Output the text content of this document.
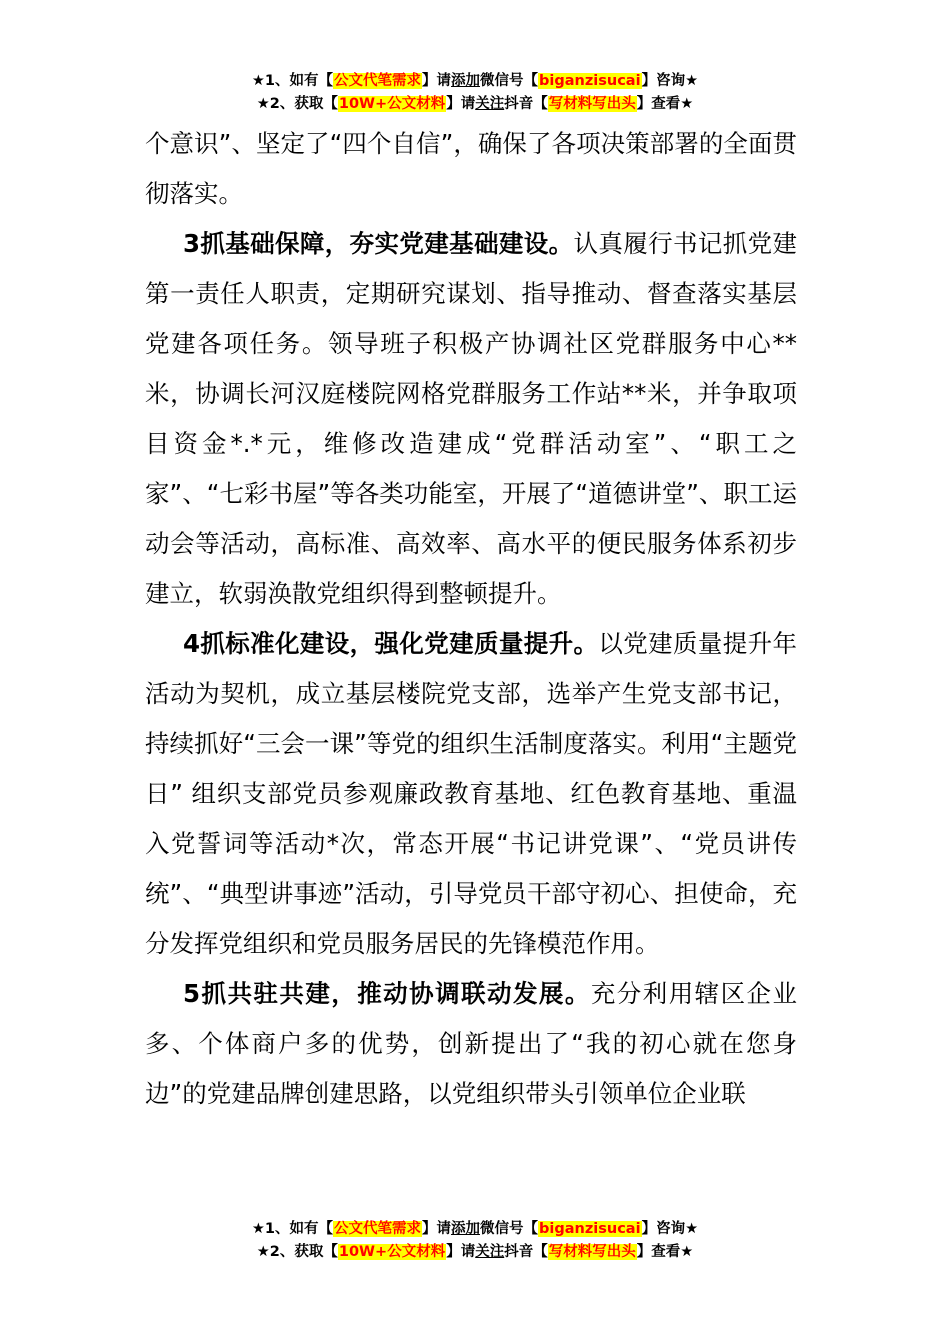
★1、如有【公文代笔需求】请添加微信号【biganzisucai】咨询★
★2、获取【10W+公文材料】请关注抖音【写材料写出头】查看★

个意识”、坚定了“四个自信”，确保了各项决策部署的全面贯彻落实。

3抓基础保障，夯实党建基础建设。认真履行书记抓党建第一责任人职责，定期研究谋划、指导推动、督查落实基层党建各项任务。领导班子积极产协调社区党群服务中心**米，协调长河汉庭楼院网格党群服务工作站**米，并争取项目资金*.*元，维修改造建成“党群活动室”、“职工之家”、“七彩书屋”等各类功能室，开展了“道德讲堂”、职工运动会等活动，高标准、高效率、高水平的便民服务体系初步建立，软弱涣散党组织得到整顿提升。

4抓标准化建设，强化党建质量提升。以党建质量提升年活动为契机，成立基层楼院党支部，选举产生党支部书记，持续抓好“三会一课”等党的组织生活制度落实。利用“主题党日” 组织支部党员参观廉政教育基地、红色教育基地、重温入党誓词等活动*次，常态开展“书记讲党课”、“党员讲传统”、“典型讲事迹”活动，引导党员干部守初心、担使命，充分发挥党组织和党员服务居民的先锋模范作用。

5抓共驻共建，推动协调联动发展。充分利用辖区企业多、个体商户多的优势，创新提出了“我的初心就在您身边”的党建品牌创建思路，以党组织带头引领单位企业联

★1、如有【公文代笔需求】请添加微信号【biganzisucai】咨询★
★2、获取【10W+公文材料】请关注抖音【写材料写出头】查看★
